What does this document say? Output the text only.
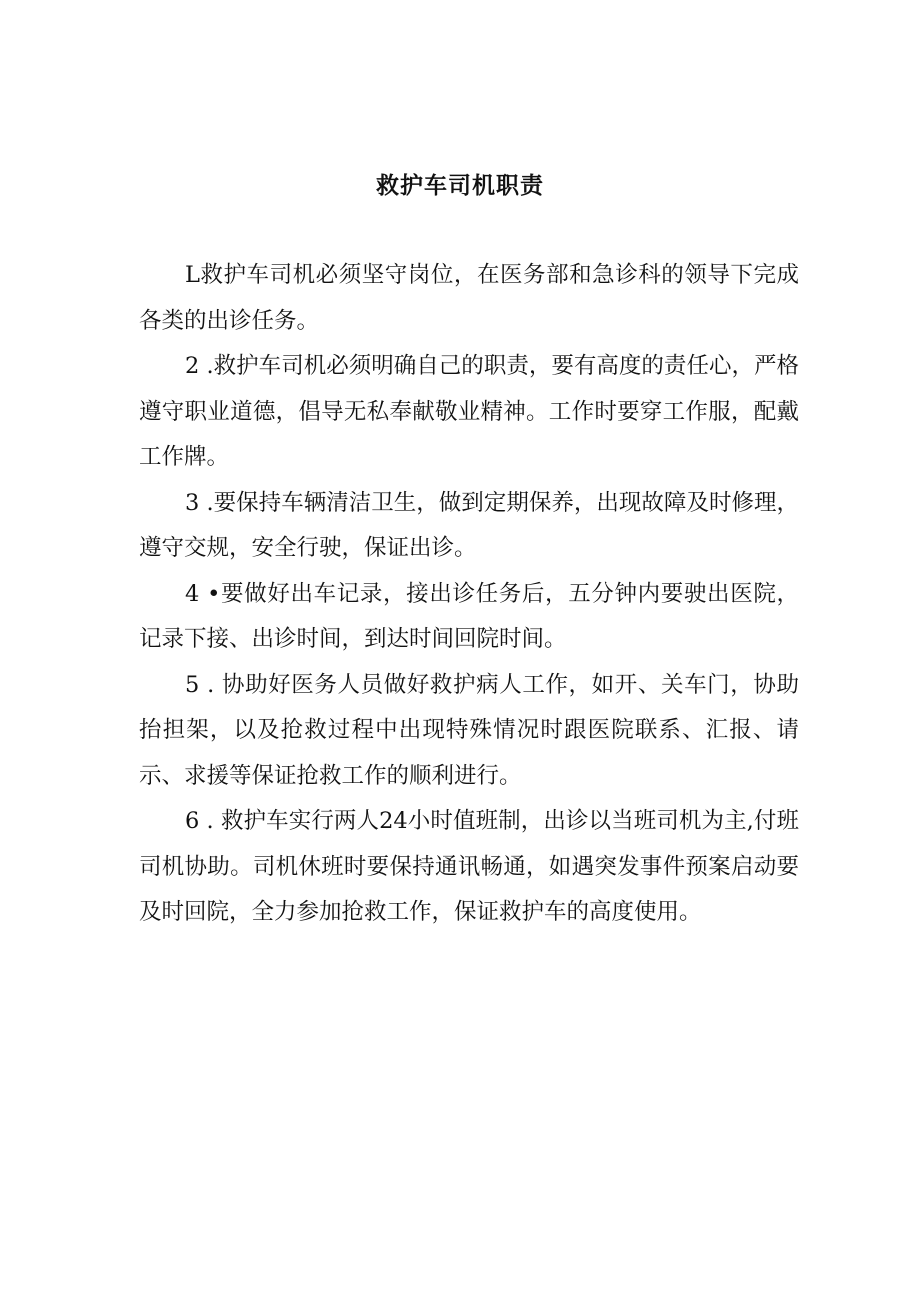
救护车司机职责

L救护车司机必须坚守岗位，在医务部和急诊科的领导下完成各类的出诊任务。

2 .救护车司机必须明确自己的职责，要有高度的责任心，严格遵守职业道德，倡导无私奉献敬业精神。工作时要穿工作服，配戴工作牌。

3 .要保持车辆清洁卫生，做到定期保养，出现故障及时修理，遵守交规，安全行驶，保证出诊。

4 •要做好出车记录，接出诊任务后，五分钟内要驶出医院，记录下接、出诊时间，到达时间回院时间。

5 . 协助好医务人员做好救护病人工作，如开、关车门，协助抬担架，以及抢救过程中出现特殊情况时跟医院联系、汇报、请示、求援等保证抢救工作的顺利进行。

6 . 救护车实行两人24小时值班制，出诊以当班司机为主,付班司机协助。司机休班时要保持通讯畅通，如遇突发事件预案启动要及时回院，全力参加抢救工作，保证救护车的高度使用。
